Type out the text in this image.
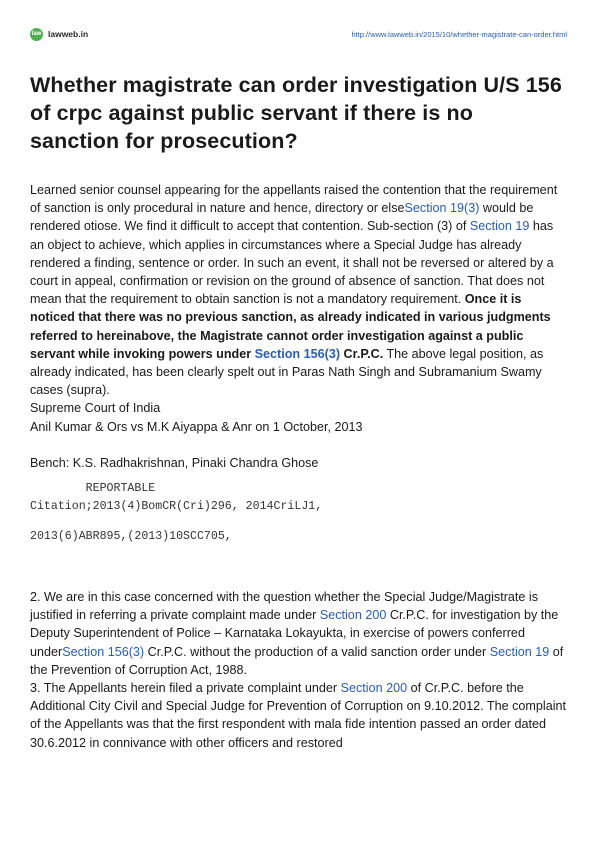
law lawweb.in	http://www.lawweb.in/2015/10/whether-magistrate-can-order.html
Whether magistrate can order investigation U/S 156 of crpc against public servant if there is no sanction for prosecution?

Learned senior counsel appearing for the appellants raised the contention that the requirement of sanction is only procedural in nature and hence, directory or elseSection 19(3) would be rendered otiose. We find it difficult to accept that contention. Sub-section (3) of Section 19 has an object to achieve, which applies in circumstances where a Special Judge has already rendered a finding, sentence or order. In such an event, it shall not be reversed or altered by a court in appeal, confirmation or revision on the ground of absence of sanction. That does not mean that the requirement to obtain sanction is not a mandatory requirement. Once it is noticed that there was no previous sanction, as already indicated in various judgments referred to hereinabove, the Magistrate cannot order investigation against a public servant while invoking powers under Section 156(3) Cr.P.C. The above legal position, as already indicated, has been clearly spelt out in Paras Nath Singh and Subramanium Swamy cases (supra).

Supreme Court of India

Anil Kumar & Ors vs M.K Aiyappa & Anr on 1 October, 2013

Bench: K.S. Radhakrishnan, Pinaki Chandra Ghose

REPORTABLE

Citation;2013(4)BomCR(Cri)296, 2014CriLJ1,

2013(6)ABR895,(2013)10SCC705,

2. We are in this case concerned with the question whether the Special Judge/Magistrate is justified in referring a private complaint made under Section 200 Cr.P.C. for investigation by the Deputy Superintendent of Police – Karnataka Lokayukta, in exercise of powers conferred underSection 156(3) Cr.P.C. without the production of a valid sanction order under Section 19 of the Prevention of Corruption Act, 1988.

3. The Appellants herein filed a private complaint under Section 200 of Cr.P.C. before the Additional City Civil and Special Judge for Prevention of Corruption on 9.10.2012. The complaint of the Appellants was that the first respondent with mala fide intention passed an order dated 30.6.2012 in connivance with other officers and restored
